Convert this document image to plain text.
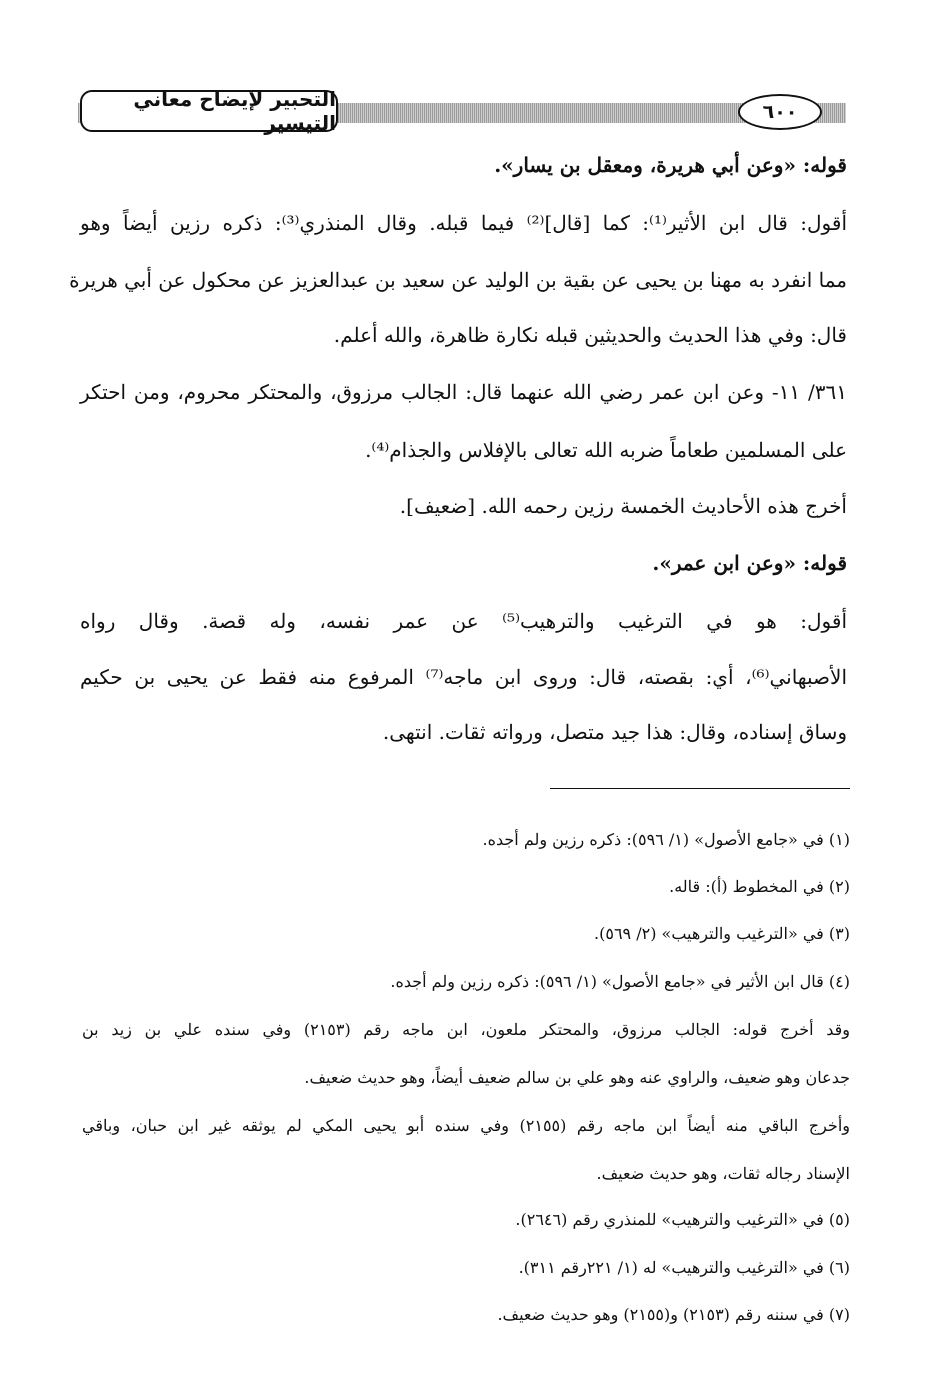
التحبير لإيضاح معاني التيسير	٦٠٠
قوله: «وعن أبي هريرة، ومعقل بن يسار».
أقول: قال ابن الأثير⁽¹⁾: كما [قال]⁽²⁾ فيما قبله. وقال المنذري⁽³⁾: ذكره رزين أيضاً وهو
مما انفرد به مهنا بن يحيى عن بقية بن الوليد عن سعيد بن عبدالعزيز عن محكول عن أبي هريرة
قال: وفي هذا الحديث والحديثين قبله نكارة ظاهرة، والله أعلم.
٣٦١/ ١١- وعن ابن عمر رضي الله عنهما قال: الجالب مرزوق، والمحتكر محروم، ومن احتكر
على المسلمين طعاماً ضربه الله تعالى بالإفلاس والجذام⁽⁴⁾.
أخرج هذه الأحاديث الخمسة رزين رحمه الله. [ضعيف].
قوله: «وعن ابن عمر».
أقول: هو في الترغيب والترهيب⁽⁵⁾ عن عمر نفسه، وله قصة. وقال رواه
الأصبهاني⁽⁶⁾، أي: بقصته، قال: وروى ابن ماجه⁽⁷⁾ المرفوع منه فقط عن يحيى بن حكيم
وساق إسناده، وقال: هذا جيد متصل، ورواته ثقات. انتهى.
(١) في «جامع الأصول» (١/ ٥٩٦): ذكره رزين ولم أجده.
(٢) في المخطوط (أ): قاله.
(٣) في «الترغيب والترهيب» (٢/ ٥٦٩).
(٤) قال ابن الأثير في «جامع الأصول» (١/ ٥٩٦): ذكره رزين ولم أجده.
وقد أخرج قوله: الجالب مرزوق، والمحتكر ملعون، ابن ماجه رقم (٢١٥٣) وفي سنده علي بن زيد بن
جدعان وهو ضعيف، والراوي عنه وهو علي بن سالم ضعيف أيضاً، وهو حديث ضعيف.
وأخرج الباقي منه أيضاً ابن ماجه رقم (٢١٥٥) وفي سنده أبو يحيى المكي لم يوثقه غير ابن حبان، وباقي
الإسناد رجاله ثقات، وهو حديث ضعيف.
(٥) في «الترغيب والترهيب» للمنذري رقم (٢٦٤٦).
(٦) في «الترغيب والترهيب» له (١/ ٢٢١رقم ٣١١).
(٧) في سننه رقم (٢١٥٣) و(٢١٥٥) وهو حديث ضعيف.
